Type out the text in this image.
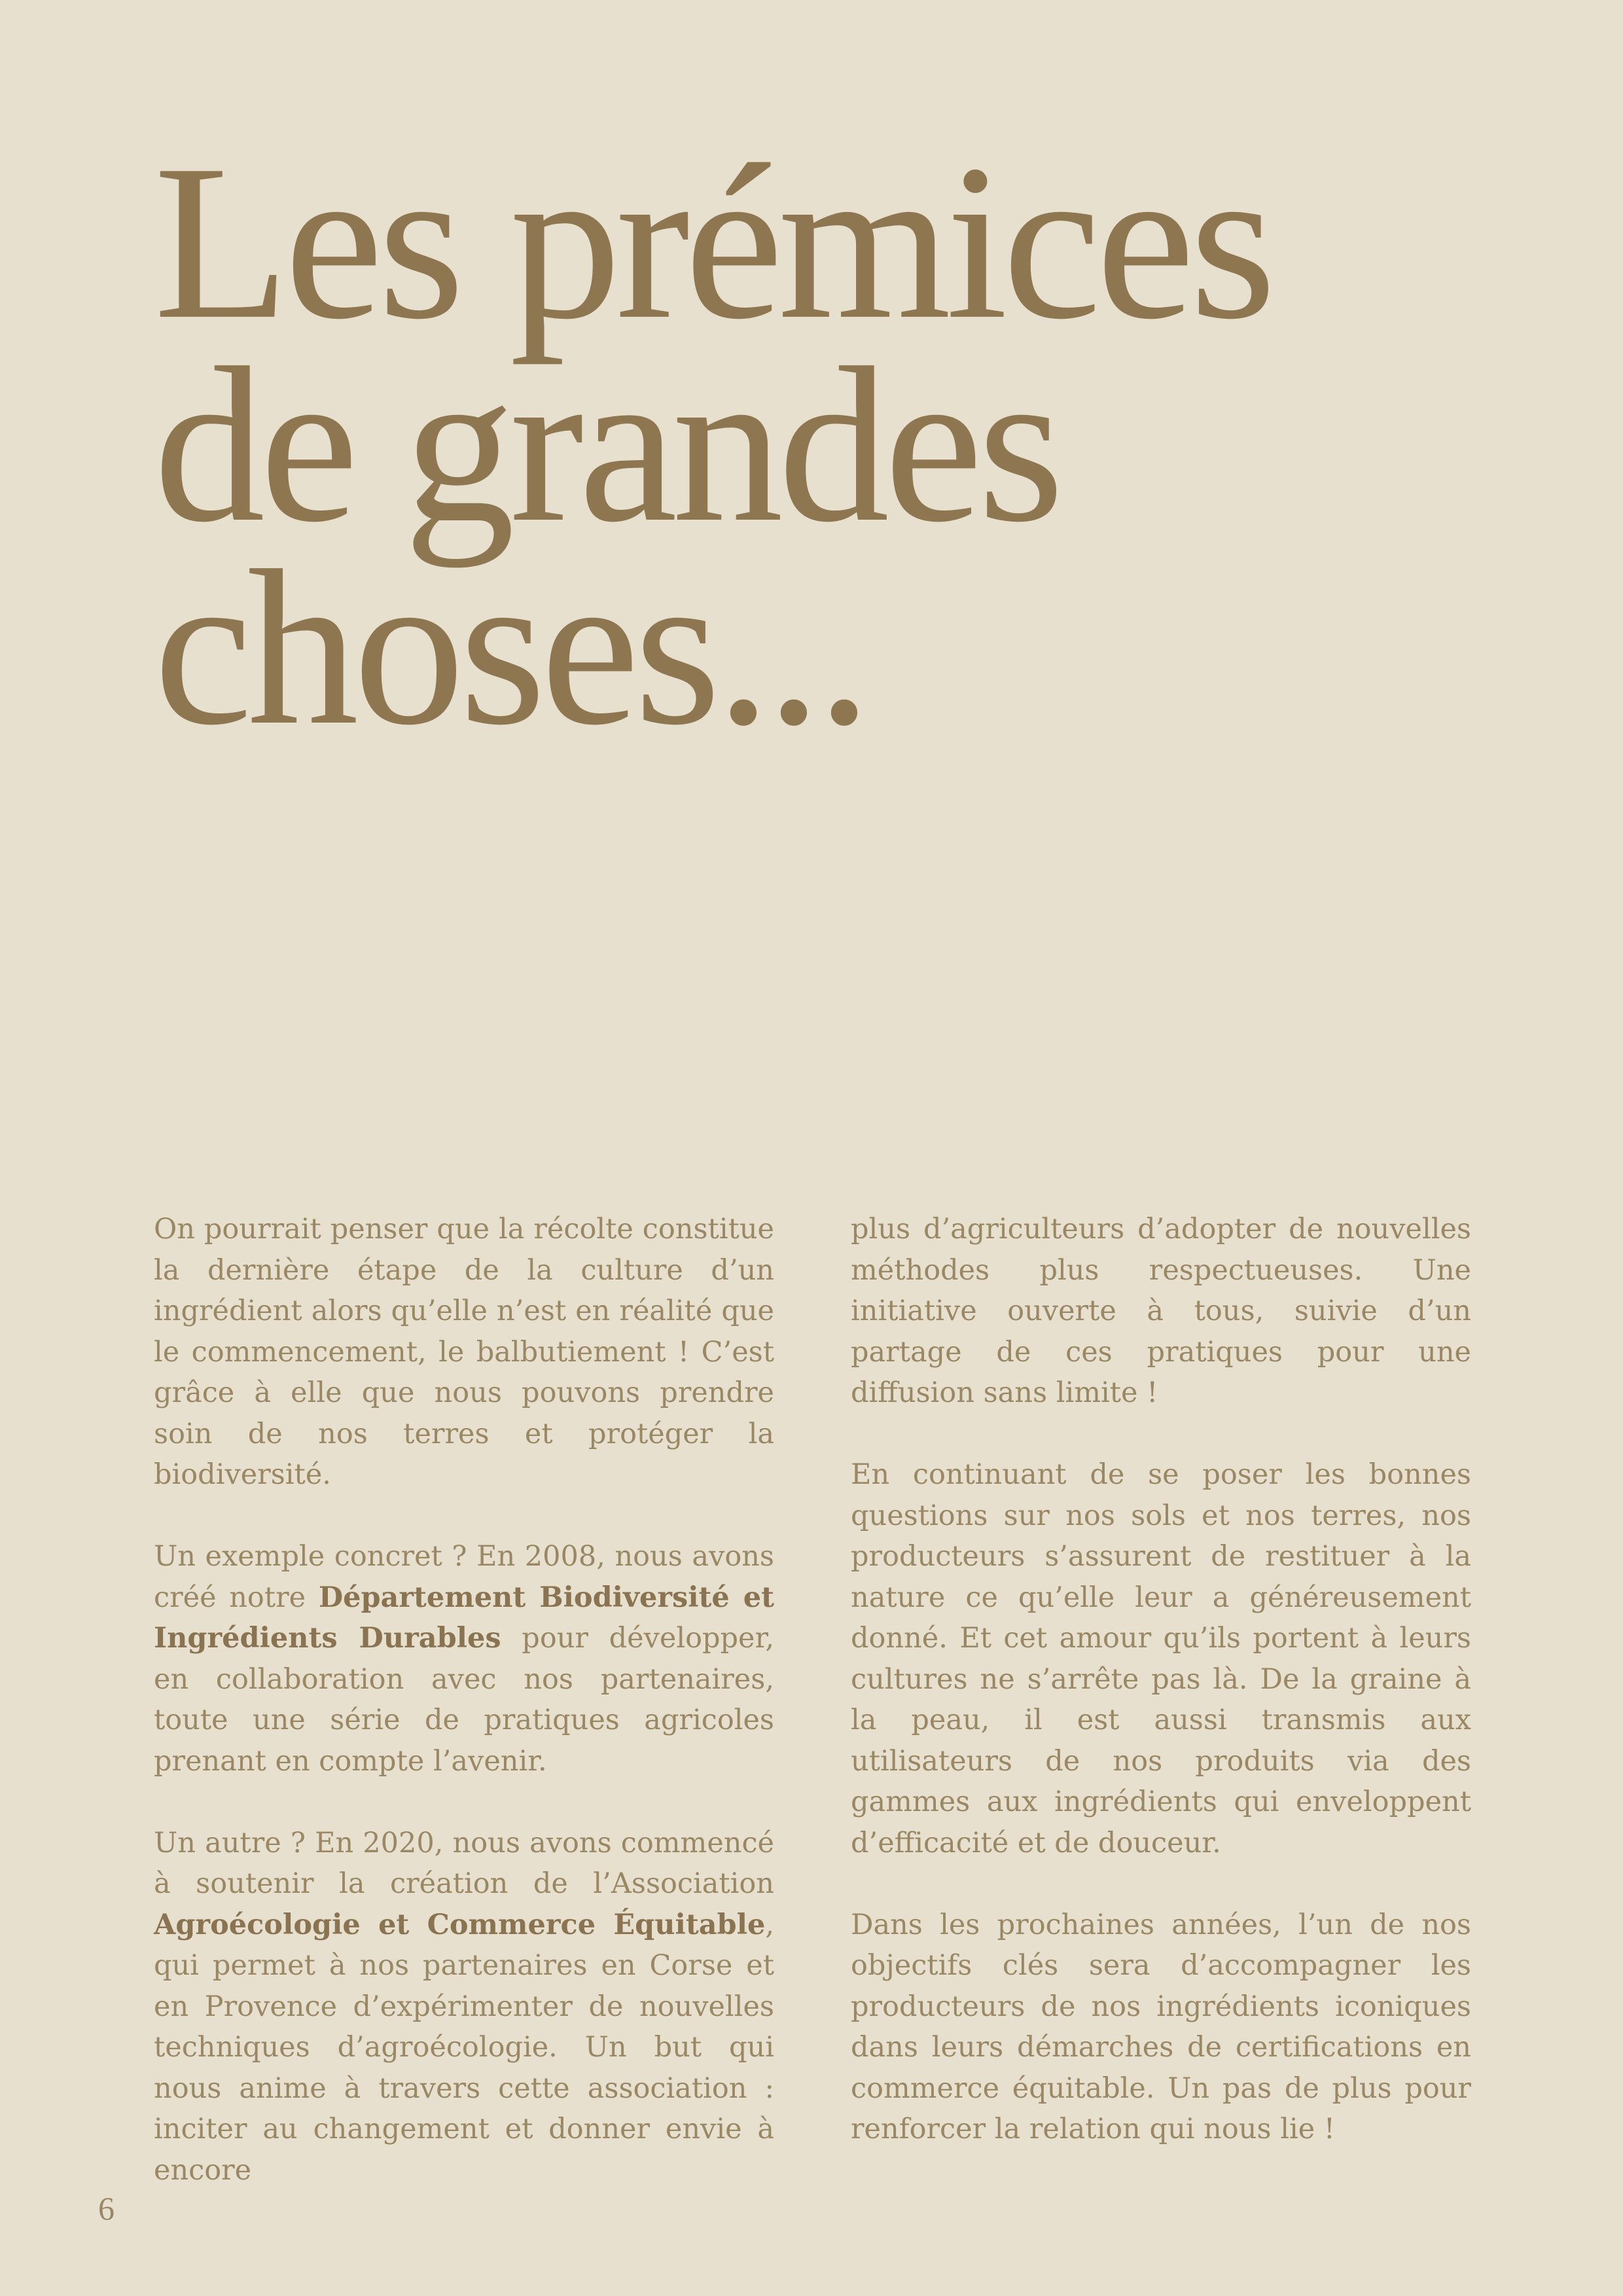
Les prémices
de grandes
choses...

On pourrait penser que la récolte constitue la dernière étape de la culture d’un ingrédient alors qu’elle n’est en réalité que le commencement, le balbutiement ! C’est grâce à elle que nous pouvons prendre soin de nos terres et protéger la biodiversité.

Un exemple concret ? En 2008, nous avons créé notre Département Biodiversité et Ingrédients Durables pour développer, en collaboration avec nos partenaires, toute une série de pratiques agricoles prenant en compte l’avenir.

Un autre ? En 2020, nous avons commencé à soutenir la création de l’Association Agroécologie et Commerce Équitable, qui permet à nos partenaires en Corse et en Provence d’expérimenter de nouvelles techniques d’agroécologie. Un but qui nous anime à travers cette association : inciter au changement et donner envie à encore

plus d’agriculteurs d’adopter de nouvelles méthodes plus respectueuses. Une initiative ouverte à tous, suivie d’un partage de ces pratiques pour une diffusion sans limite !

En continuant de se poser les bonnes questions sur nos sols et nos terres, nos producteurs s’assurent de restituer à la nature ce qu’elle leur a généreusement donné. Et cet amour qu’ils portent à leurs cultures ne s’arrête pas là. De la graine à la peau, il est aussi transmis aux utilisateurs de nos produits via des gammes aux ingrédients qui enveloppent d’efficacité et de douceur.

Dans les prochaines années, l’un de nos objectifs clés sera d’accompagner les producteurs de nos ingrédients iconiques dans leurs démarches de certifications en commerce équitable. Un pas de plus pour renforcer la relation qui nous lie !

6
